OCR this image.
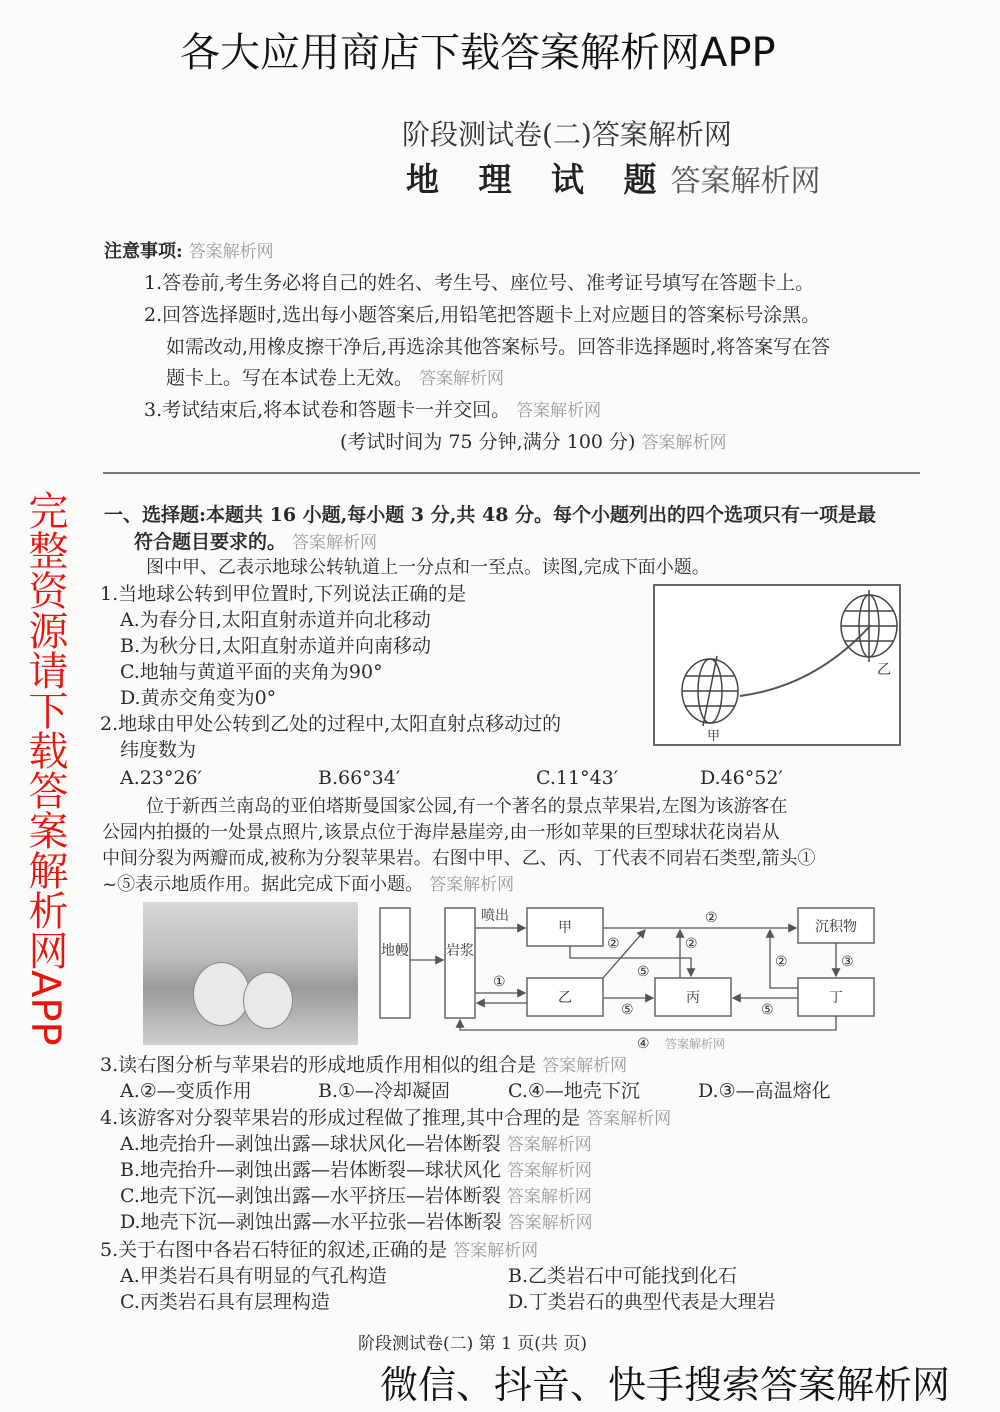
阶段测试卷(二)答案解析网
地 理 试 题答案解析网
注意事项: 答案解析网
1.答卷前,考生务必将自己的姓名、考生号、座位号、准考证号填写在答题卡上。
2.回答选择题时,选出每小题答案后,用铅笔把答题卡上对应题目的答案标号涂黑。
如需改动,用橡皮擦干净后,再选涂其他答案标号。回答非选择题时,将答案写在答
题卡上。写在本试卷上无效。 答案解析网
3.考试结束后,将本试卷和答题卡一并交回。 答案解析网
(考试时间为 75 分钟,满分 100 分) 答案解析网
一、选择题:本题共 16 小题,每小题 3 分,共 48 分。每个小题列出的四个选项只有一项是最
符合题目要求的。 答案解析网
图中甲、乙表示地球公转轨道上一分点和一至点。读图,完成下面小题。
1.当地球公转到甲位置时,下列说法正确的是
A.为春分日,太阳直射赤道并向北移动
B.为秋分日,太阳直射赤道并向南移动
C.地轴与黄道平面的夹角为90°
D.黄赤交角变为0°
2.地球由甲处公转到乙处的过程中,太阳直射点移动过的
纬度数为
A.23°26′	B.66°34′	C.11°43′	D.46°52′
甲
乙
位于新西兰南岛的亚伯塔斯曼国家公园,有一个著名的景点苹果岩,左图为该游客在
公园内拍摄的一处景点照片,该景点位于海岸悬崖旁,由一形如苹果的巨型球状花岗岩从
中间分裂为两瓣而成,被称为分裂苹果岩。右图中甲、乙、丙、丁代表不同岩石类型,箭头①
~⑤表示地质作用。据此完成下面小题。 答案解析网
地幔	岩浆
喷出
甲
乙	丙	丁
沉积物
②
②	②
②	③
①
⑤
⑤	⑤
④ 答案解析网
3.读右图分析与苹果岩的形成地质作用相似的组合是 答案解析网
A.②—变质作用	B.①—冷却凝固	C.④—地壳下沉	D.③—高温熔化
4.该游客对分裂苹果岩的形成过程做了推理,其中合理的是 答案解析网
A.地壳抬升—剥蚀出露—球状风化—岩体断裂 答案解析网
B.地壳抬升—剥蚀出露—岩体断裂—球状风化 答案解析网
C.地壳下沉—剥蚀出露—水平挤压—岩体断裂 答案解析网
D.地壳下沉—剥蚀出露—水平拉张—岩体断裂 答案解析网
5.关于右图中各岩石特征的叙述,正确的是 答案解析网
A.甲类岩石具有明显的气孔构造	B.乙类岩石中可能找到化石
C.丙类岩石具有层理构造	D.丁类岩石的典型代表是大理岩
阶段测试卷(二) 第 1 页(共 页)
各大应用商店下载答案解析网APP
完整资源请下载答案解析网APP
微信、抖音、快手搜索答案解析网
